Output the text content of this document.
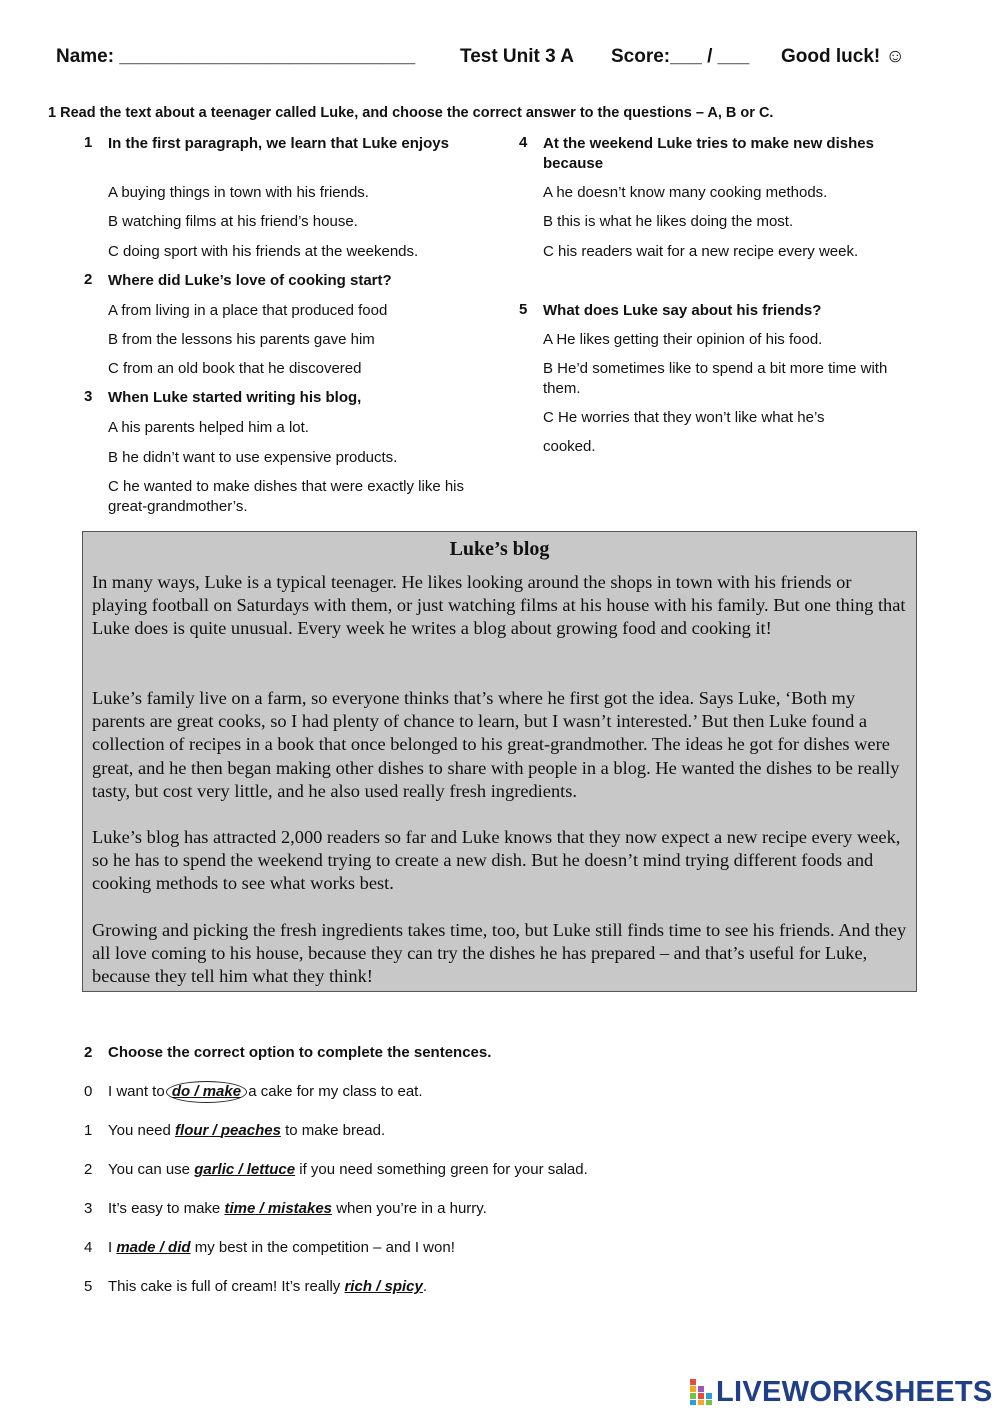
Name: ____________________________ Test Unit 3 A Score:___ / ___ Good luck! ☺
1 Read the text about a teenager called Luke, and choose the correct answer to the questions – A, B or C.
1 In the first paragraph, we learn that Luke enjoys
A buying things in town with his friends.
B watching films at his friend’s house.
C doing sport with his friends at the weekends.
2 Where did Luke’s love of cooking start?
A from living in a place that produced food
B from the lessons his parents gave him
C from an old book that he discovered
3 When Luke started writing his blog,
A his parents helped him a lot.
B he didn’t want to use expensive products.
C he wanted to make dishes that were exactly like his great-grandmother’s.
4 At the weekend Luke tries to make new dishes because
A he doesn’t know many cooking methods.
B this is what he likes doing the most.
C his readers wait for a new recipe every week.
5 What does Luke say about his friends?
A He likes getting their opinion of his food.
B He’d sometimes like to spend a bit more time with them.
C He worries that they won’t like what he’s
cooked.
Luke’s blog
In many ways, Luke is a typical teenager. He likes looking around the shops in town with his friends or playing football on Saturdays with them, or just watching films at his house with his family. But one thing that Luke does is quite unusual. Every week he writes a blog about growing food and cooking it!
Luke’s family live on a farm, so everyone thinks that’s where he first got the idea. Says Luke, ‘Both my parents are great cooks, so I had plenty of chance to learn, but I wasn’t interested.’ But then Luke found a collection of recipes in a book that once belonged to his great-grandmother. The ideas he got for dishes were great, and he then began making other dishes to share with people in a blog. He wanted the dishes to be really tasty, but cost very little, and he also used really fresh ingredients.
Luke’s blog has attracted 2,000 readers so far and Luke knows that they now expect a new recipe every week, so he has to spend the weekend trying to create a new dish. But he doesn’t mind trying different foods and cooking methods to see what works best.
Growing and picking the fresh ingredients takes time, too, but Luke still finds time to see his friends. And they all love coming to his house, because they can try the dishes he has prepared – and that’s useful for Luke, because they tell him what they think!
2 Choose the correct option to complete the sentences.
0 I want to do / make a cake for my class to eat.
1 You need flour / peaches to make bread.
2 You can use garlic / lettuce if you need something green for your salad.
3 It’s easy to make time / mistakes when you’re in a hurry.
4 I made / did my best in the competition – and I won!
5 This cake is full of cream! It’s really rich / spicy.
LIVEWORKSHEETS
